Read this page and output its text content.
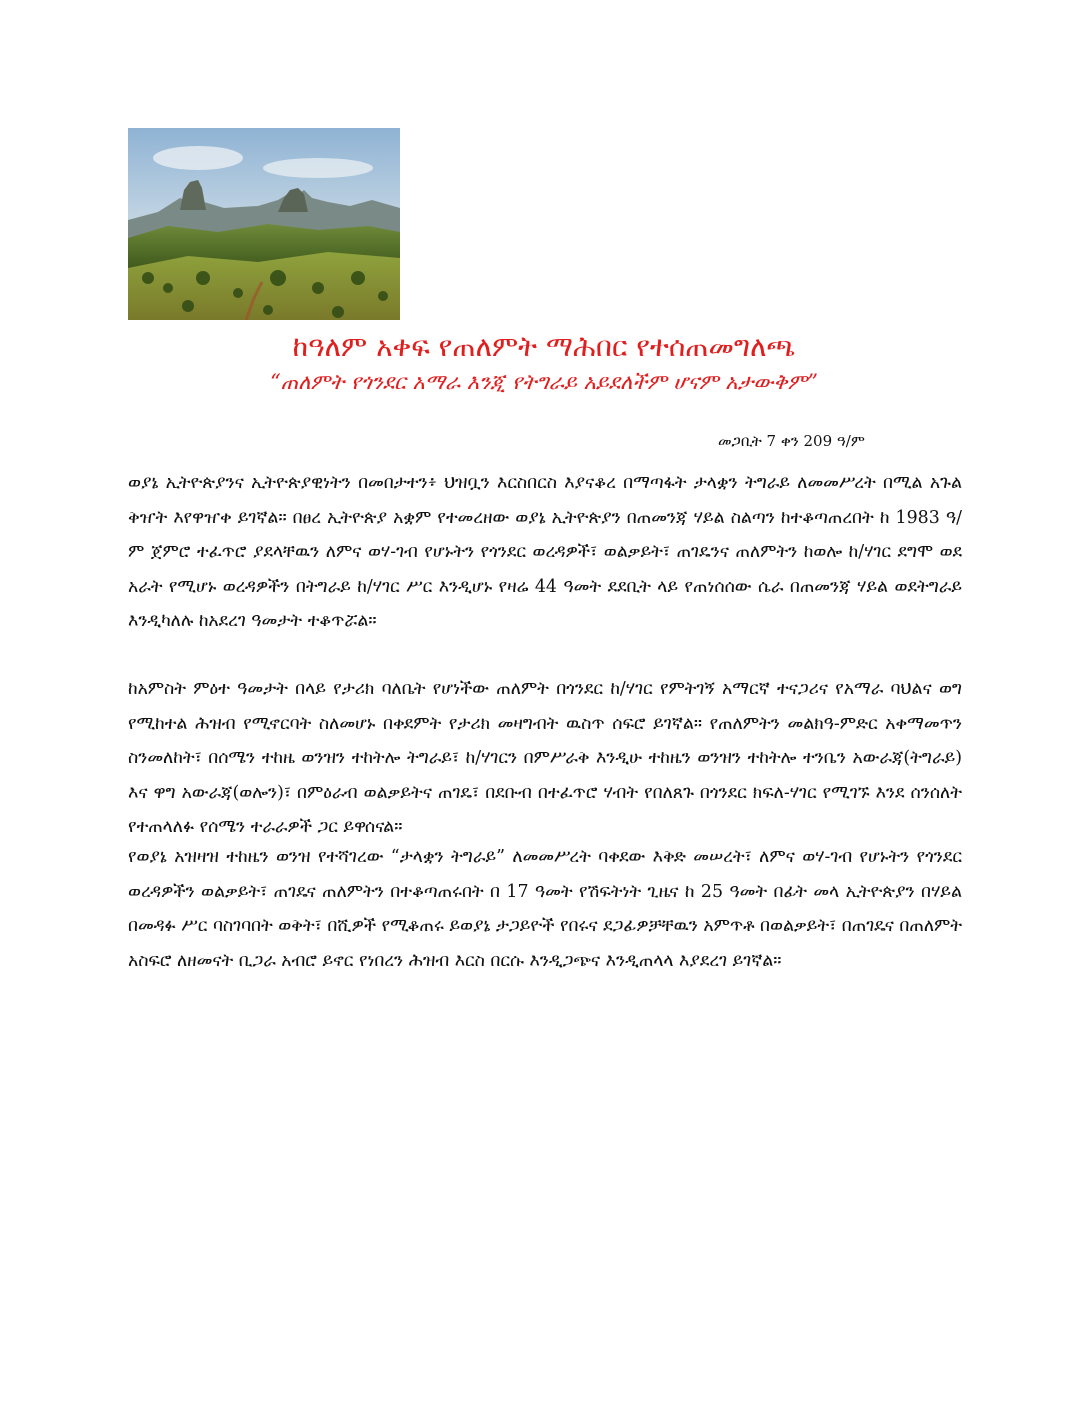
ከዓለም አቀፍ የጠለምት ማሕበር የተሰጠመግለጫ
“ጠለምት የጎንደር አማራ እንጂ የትግራይ አይደለችም ሆናም አታውቅም”
መጋቢት 7 ቀን 209 ዓ/ም

ወያኔ ኢትዮጵያንና ኢትዮጵያዊነትን በመበታተን፥ ህዝቧን እርስበርስ እያናቆረ በማጣፋት ታላቋን ትግራይ ለመመሥረት በሚል አጉል ቅዠት እየዋዠቀ ይገኛል። በፀረ ኢትዮጵያ አቋም የተመረዘው ወያኔ ኢትዮጵያን በጠመንጃ ሃይል ስልጣን ከተቆጣጠረበት ከ 1983 ዓ/ም ጀምሮ ተፈጥሮ ያደላቸዉን ለምና ወሃ-ገብ የሆኑትን የጎንደር ወረዳዎች፣ ወልቃይት፣ ጠገዴንና ጠለምትን ከወሎ ከ/ሃገር ደግሞ ወደ አራት የሚሆኑ ወረዳዎችን በትግራይ ከ/ሃገር ሥር እንዲሆኑ የዛሬ 44 ዓመት ደደቢት ላይ የጠነሰሰው ሴራ በጠመንጃ ሃይል ወደትግራይ እንዲካለሉ ከአደረገ ዓመታት ተቆጥሯል።

ከአምስት ምዕተ ዓመታት በላይ የታሪክ ባለቤት የሆነችው ጠለምት በጎንደር ከ/ሃገር የምትገኝ አማርኛ ተናጋሪና የአማራ ባህልና ወግ የሚከተል ሕዝብ የሚኖርባት ስለመሆኑ በቀደምት የታሪክ መዛግብት ዉስጥ ሰፍሮ ይገኛል። የጠለምትን መልክዓ-ምድር አቀማመጥን ስንመለከት፣ በሰሜን ተከዜ ወንዝን ተከትሎ ትግራይ፣ ከ/ሃገርን በምሥራቅ እንዲሁ ተከዜን ወንዝን ተከትሎ ተንቤን አውራጃ(ትግራይ) እና ዋግ አውራጃ(ወሎን)፣ በምዕራብ ወልቃይትና ጠገዴ፣ በደቡብ በተፈጥሮ ሃብት የበለጸጉ በጎንደር ክፍለ-ሃገር የሚገኙ እንደ ሰንሰለት የተጠላለፉ የሰሜን ተራራዎች ጋር ይዋሰናል።

የወያኔ አዝዛዝ ተከዜን ወንዝ የተሻገረው “ታላቋን ትግራይ” ለመመሥረት ባቀደው እቅድ መሠረት፣ ለምና ወሃ-ገብ የሆኑትን የጎንደር ወረዳዎችን ወልቃይት፣ ጠገዴና ጠለምትን በተቆጣጠሩበት በ 17 ዓመት የሽፍትነት ጊዜና ከ 25 ዓመት በፊት መላ ኢትዮጵያን በሃይል በመዳፉ ሥር ባስገባበት ወቅት፣ በሺዎች የሚቆጠሩ ይወያኔ ታጋይዮች የበሩና ደጋፊዎቻቸዉን አምጥቶ በወልቃይት፣ በጠገዴና በጠለምት አስፍሮ ለዘመናት ቢጋራ አብሮ ይኖር የነበረን ሕዝብ እርስ በርሱ እንዲጋጭና እንዲጠላላ እያደረገ ይገኛል።
